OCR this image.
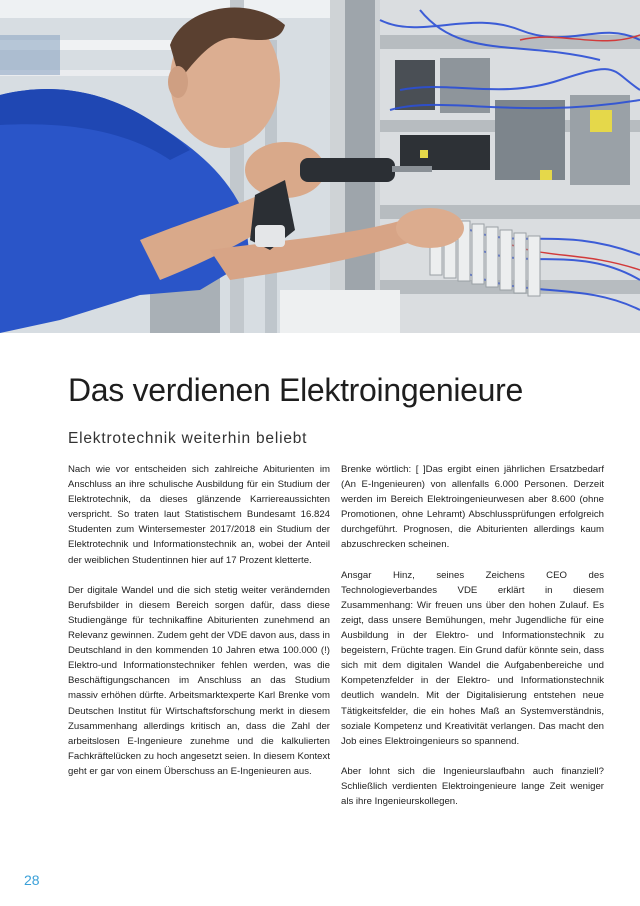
Das verdienen Elektroingenieure
Elektrotechnik weiterhin beliebt

Nach wie vor entscheiden sich zahlreiche Abiturienten im Anschluss an ihre schulische Ausbildung für ein Studium der Elektrotechnik, da dieses glänzende Karriereaussichten verspricht. So traten laut Statistischem Bundesamt 16.824 Studenten zum Wintersemester 2017/2018 ein Studium der Elektrotechnik und Informationstechnik an, wobei der Anteil der weiblichen Studentinnen hier auf 17 Prozent kletterte.

Der digitale Wandel und die sich stetig weiter verändernden Berufsbilder in diesem Bereich sorgen dafür, dass diese Studiengänge für technikaffine Abiturienten zunehmend an Relevanz gewinnen. Zudem geht der VDE davon aus, dass in Deutschland in den kommenden 10 Jahren etwa 100.000 (!) Elektro-und Informationstechniker fehlen werden, was die Beschäftigungschancen im Anschluss an das Studium massiv erhöhen dürfte. Arbeitsmarktexperte Karl Brenke vom Deutschen Institut für Wirtschaftsforschung merkt in diesem Zusammenhang allerdings kritisch an, dass die Zahl der arbeitslosen E-Ingenieure zunehme und die kalkulierten Fachkräftelücken zu hoch angesetzt seien. In diesem Kontext geht er gar von einem Überschuss an E-Ingenieuren aus.

Brenke wörtlich: [ ]Das ergibt einen jährlichen Ersatzbedarf (An E-Ingenieuren) von allenfalls 6.000 Personen. Derzeit werden im Bereich Elektroingenieurwesen aber 8.600 (ohne Promotionen, ohne Lehramt) Abschlussprüfungen erfolgreich durchgeführt. Prognosen, die Abiturienten allerdings kaum abzuschrecken scheinen.

Ansgar Hinz, seines Zeichens CEO des Technologieverbandes VDE erklärt in diesem Zusammenhang: Wir freuen uns über den hohen Zulauf. Es zeigt, dass unsere Bemühungen, mehr Jugendliche für eine Ausbildung in der Elektro- und Informationstechnik zu begeistern, Früchte tragen. Ein Grund dafür könnte sein, dass sich mit dem digitalen Wandel die Aufgabenbereiche und Kompetenzfelder in der Elektro- und Informationstechnik deutlich wandeln. Mit der Digitalisierung entstehen neue Tätigkeitsfelder, die ein hohes Maß an Systemverständnis, soziale Kompetenz und Kreativität verlangen. Das macht den Job eines Elektroingenieurs so spannend.

Aber lohnt sich die Ingenieurslaufbahn auch finanziell? Schließlich verdienten Elektroingenieure lange Zeit weniger als ihre Ingenieurskollegen.

28
